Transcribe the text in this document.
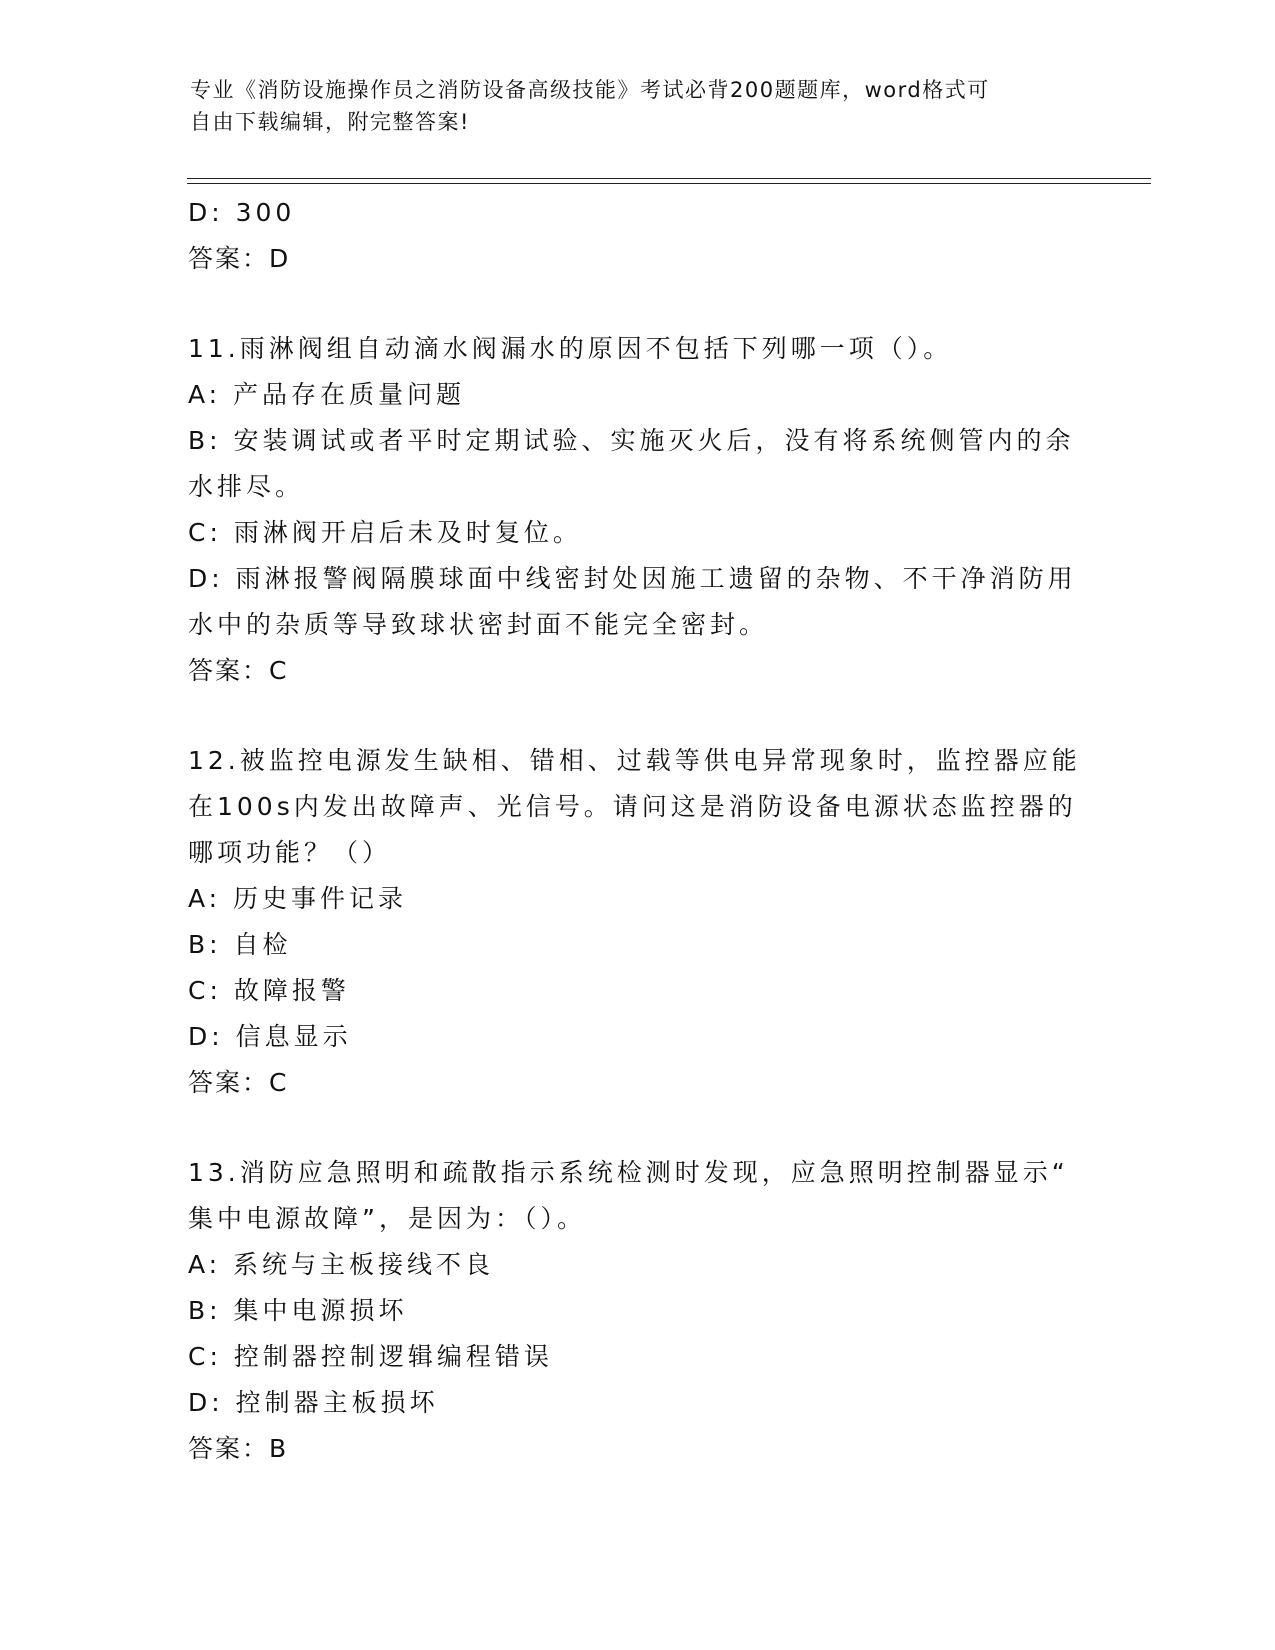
专业《消防设施操作员之消防设备高级技能》考试必背200题题库，word格式可
自由下载编辑，附完整答案!
D: 300
答案：D
11.雨淋阀组自动滴水阀漏水的原因不包括下列哪一项（）。
A: 产品存在质量问题
B: 安装调试或者平时定期试验、实施灭火后，没有将系统侧管内的余
水排尽。
C: 雨淋阀开启后未及时复位。
D: 雨淋报警阀隔膜球面中线密封处因施工遗留的杂物、不干净消防用
水中的杂质等导致球状密封面不能完全密封。
答案：C
12.被监控电源发生缺相、错相、过载等供电异常现象时，监控器应能
在100s内发出故障声、光信号。请问这是消防设备电源状态监控器的
哪项功能？（）
A: 历史事件记录
B: 自检
C: 故障报警
D: 信息显示
答案：C
13.消防应急照明和疏散指示系统检测时发现，应急照明控制器显示“
集中电源故障”，是因为：（）。
A: 系统与主板接线不良
B: 集中电源损坏
C: 控制器控制逻辑编程错误
D: 控制器主板损坏
答案：B
